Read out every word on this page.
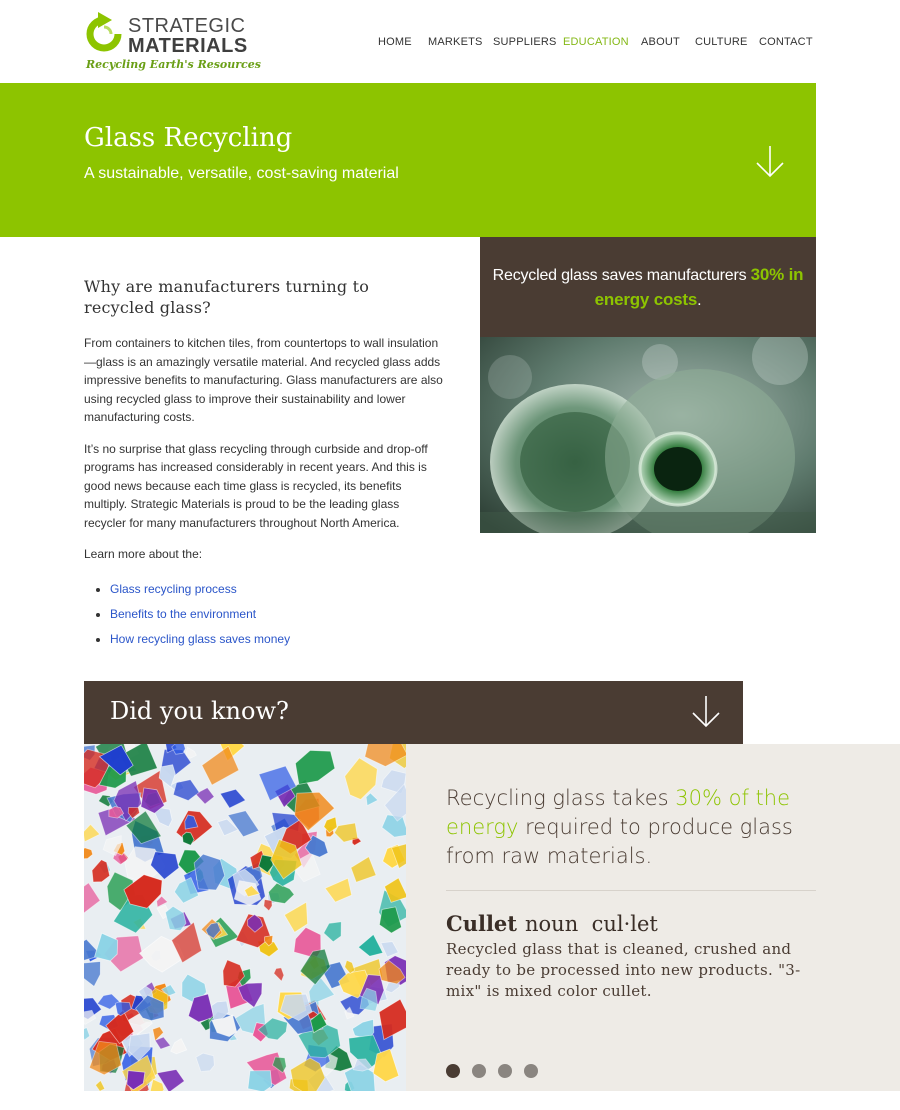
STRATEGIC
MATERIALS
Recycling Earth's Resources
HOME MARKETS SUPPLIERS EDUCATION ABOUT CULTURE CONTACT
Glass Recycling
A sustainable, versatile, cost-saving material
Why are manufacturers turning to recycled glass?

From containers to kitchen tiles, from countertops to wall insulation—glass is an amazingly versatile material. And recycled glass adds impressive benefits to manufacturing. Glass manufacturers are also using recycled glass to improve their sustainability and lower manufacturing costs.

It’s no surprise that glass recycling through curbside and drop-off programs has increased considerably in recent years. And this is good news because each time glass is recycled, its benefits multiply. Strategic Materials is proud to be the leading glass recycler for many manufacturers throughout North America.

Learn more about the:

• Glass recycling process
• Benefits to the environment
• How recycling glass saves money
Recycled glass saves manufacturers 30% in energy costs.
Did you know?
Recycling glass takes 30% of the energy required to produce glass from raw materials.
Cullet noun  cul·let
Recycled glass that is cleaned, crushed and ready to be processed into new products. "3-mix" is mixed color cullet.
